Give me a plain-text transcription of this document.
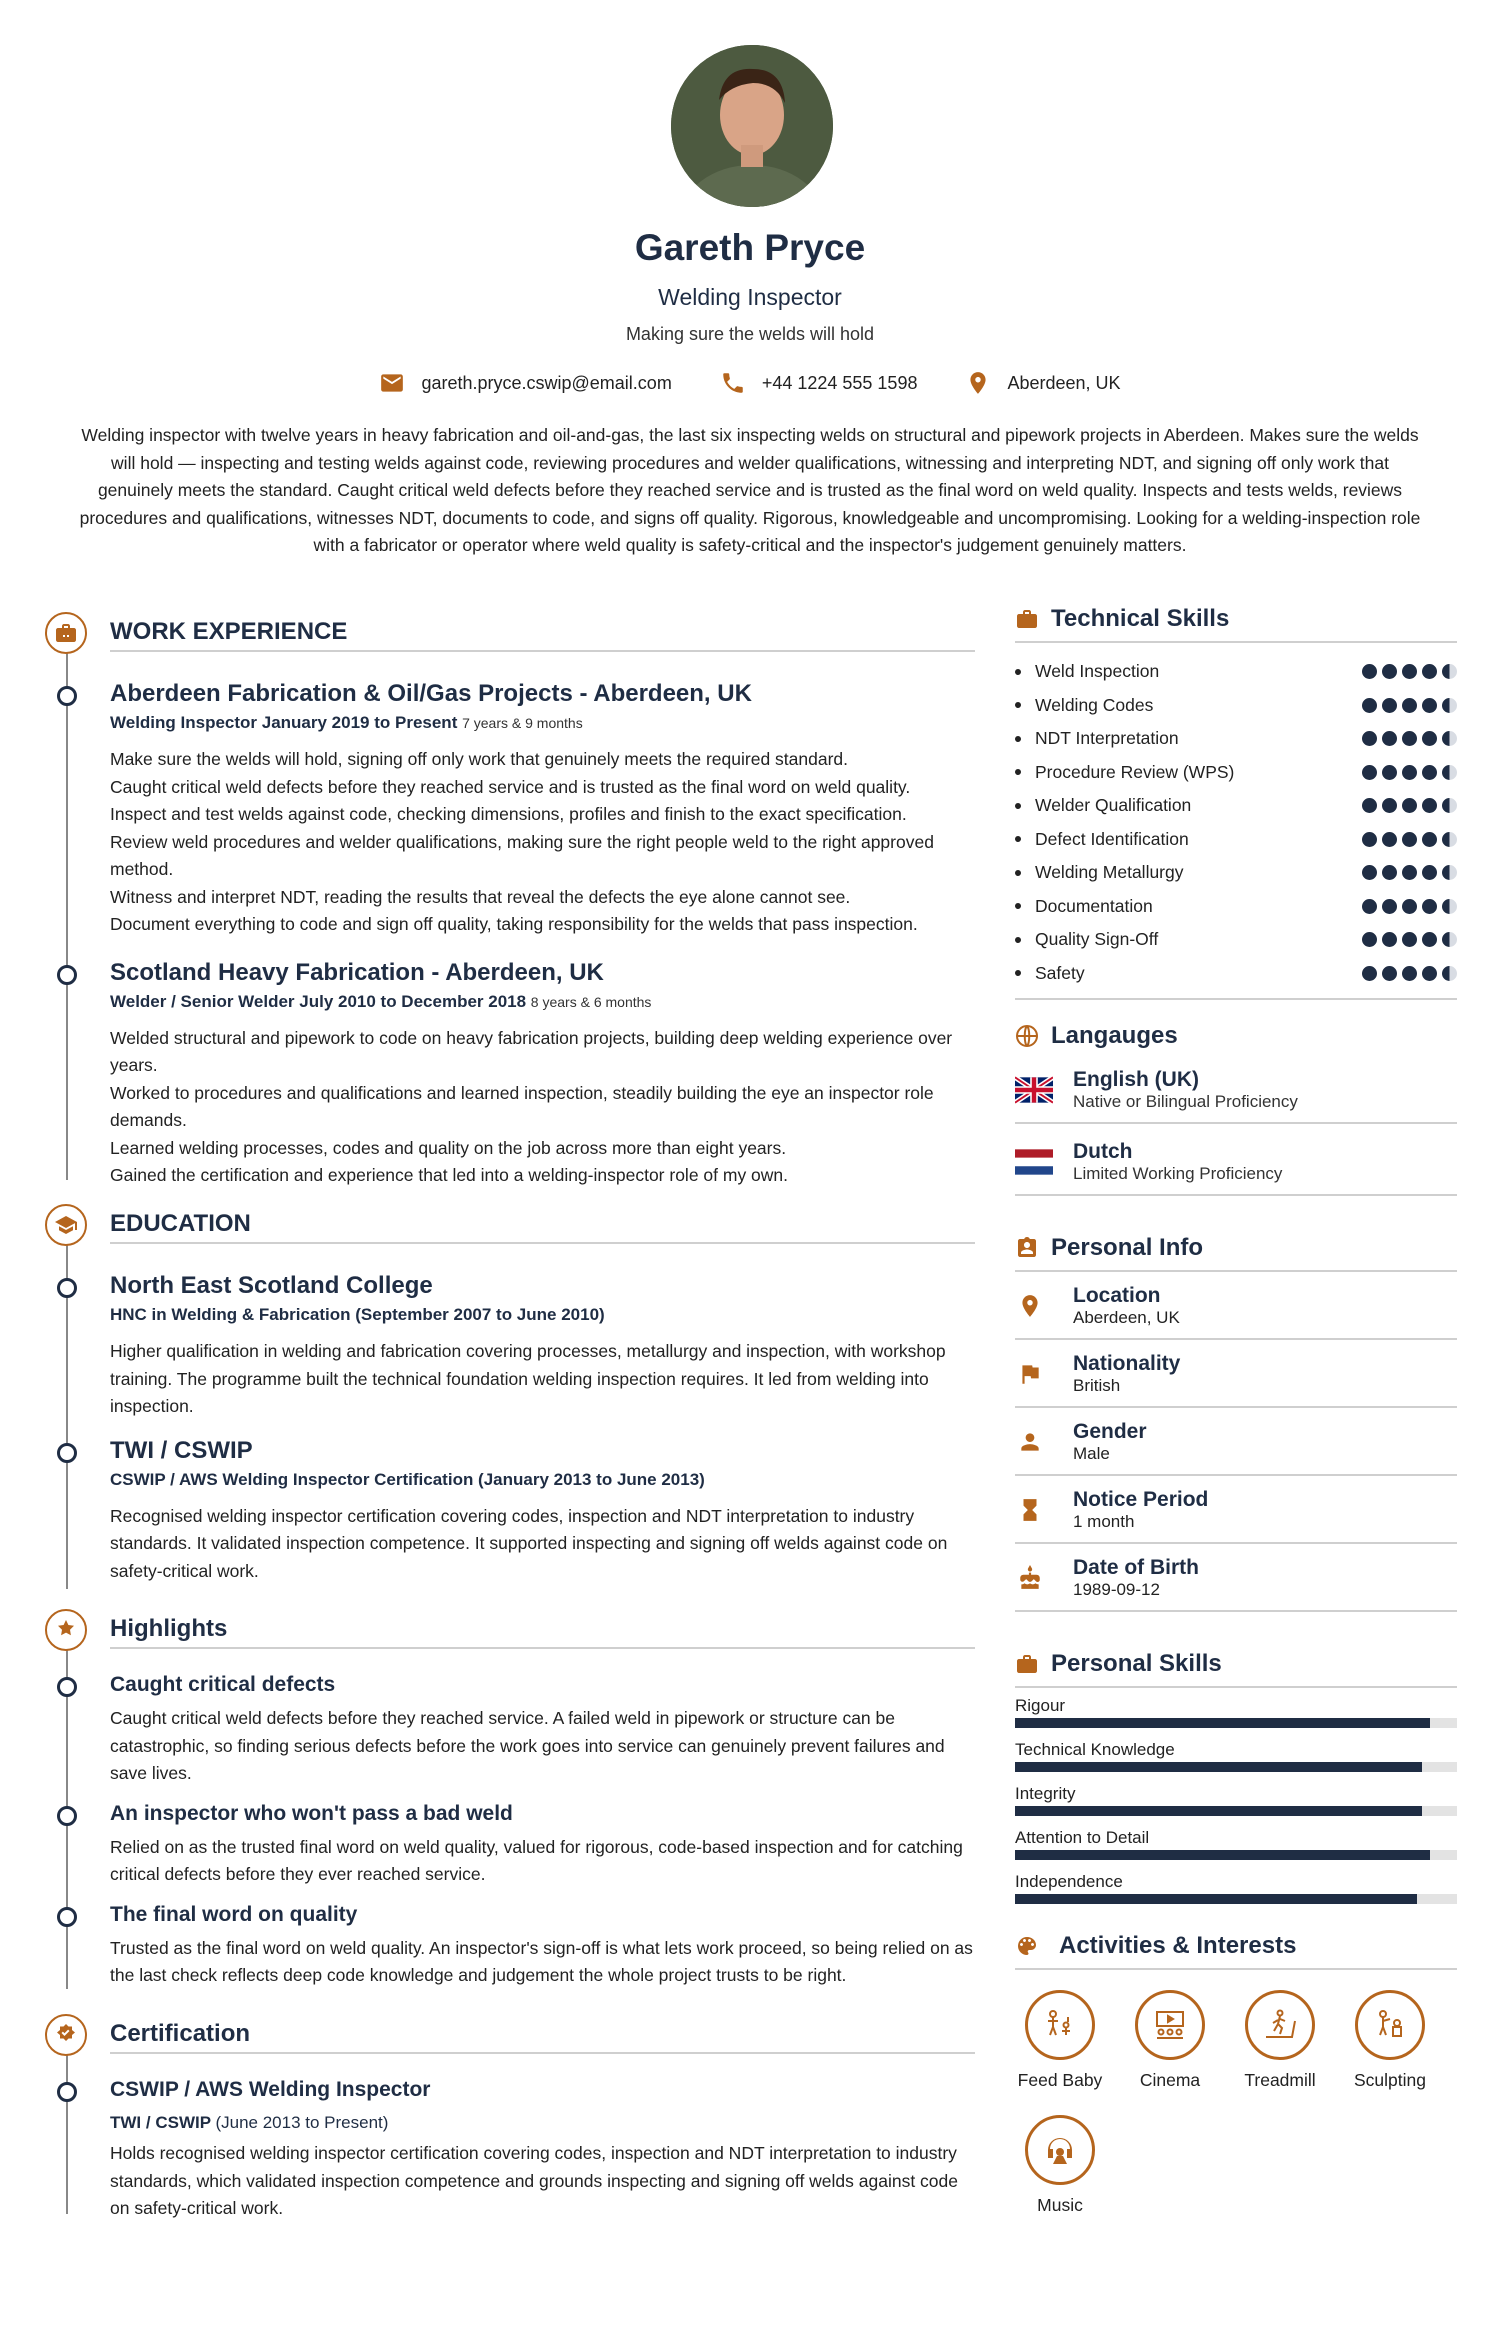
Gareth Pryce
Welding Inspector
Making sure the welds will hold
gareth.pryce.cswip@email.com	+44 1224 555 1598	Aberdeen, UK
Welding inspector with twelve years in heavy fabrication and oil-and-gas, the last six inspecting welds on structural and pipework projects in Aberdeen. Makes sure the welds will hold — inspecting and testing welds against code, reviewing procedures and welder qualifications, witnessing and interpreting NDT, and signing off only work that genuinely meets the standard. Caught critical weld defects before they reached service and is trusted as the final word on weld quality. Inspects and tests welds, reviews procedures and qualifications, witnesses NDT, documents to code, and signs off quality. Rigorous, knowledgeable and uncompromising. Looking for a welding-inspection role with a fabricator or operator where weld quality is safety-critical and the inspector's judgement genuinely matters.
WORK EXPERIENCE
Aberdeen Fabrication & Oil/Gas Projects - Aberdeen, UK
Welding Inspector January 2019 to Present 7 years & 9 months

Make sure the welds will hold, signing off only work that genuinely meets the required standard.

Caught critical weld defects before they reached service and is trusted as the final word on weld quality.

Inspect and test welds against code, checking dimensions, profiles and finish to the exact specification.

Review weld procedures and welder qualifications, making sure the right people weld to the right approved method.

Witness and interpret NDT, reading the results that reveal the defects the eye alone cannot see.

Document everything to code and sign off quality, taking responsibility for the welds that pass inspection.

Scotland Heavy Fabrication - Aberdeen, UK
Welder / Senior Welder July 2010 to December 2018 8 years & 6 months

Welded structural and pipework to code on heavy fabrication projects, building deep welding experience over years.

Worked to procedures and qualifications and learned inspection, steadily building the eye an inspector role demands.

Learned welding processes, codes and quality on the job across more than eight years.

Gained the certification and experience that led into a welding-inspector role of my own.

EDUCATION
North East Scotland College
HNC in Welding & Fabrication (September 2007 to June 2010)
Higher qualification in welding and fabrication covering processes, metallurgy and inspection, with workshop training. The programme built the technical foundation welding inspection requires. It led from welding into inspection.
TWI / CSWIP
CSWIP / AWS Welding Inspector Certification (January 2013 to June 2013)
Recognised welding inspector certification covering codes, inspection and NDT interpretation to industry standards. It validated inspection competence. It supported inspecting and signing off welds against code on safety-critical work.
Highlights
Caught critical defects
Caught critical weld defects before they reached service. A failed weld in pipework or structure can be catastrophic, so finding serious defects before the work goes into service can genuinely prevent failures and save lives.
An inspector who won't pass a bad weld
Relied on as the trusted final word on weld quality, valued for rigorous, code-based inspection and for catching critical defects before they ever reached service.
The final word on quality
Trusted as the final word on weld quality. An inspector's sign-off is what lets work proceed, so being relied on as the last check reflects deep code knowledge and judgement the whole project trusts to be right.
Certification
CSWIP / AWS Welding Inspector
TWI / CSWIP (June 2013 to Present)
Holds recognised welding inspector certification covering codes, inspection and NDT interpretation to industry standards, which validated inspection competence and grounds inspecting and signing off welds against code on safety-critical work.
Technical Skills
Weld Inspection
Welding Codes
NDT Interpretation
Procedure Review (WPS)
Welder Qualification
Defect Identification
Welding Metallurgy
Documentation
Quality Sign-Off
Safety
Langauges
English (UK)
Native or Bilingual Proficiency
Dutch
Limited Working Proficiency
Personal Info
Location
Aberdeen, UK
Nationality
British
Gender
Male
Notice Period
1 month
Date of Birth
1989-09-12
Personal Skills
Rigour
Technical Knowledge
Integrity
Attention to Detail
Independence
Activities & Interests
Feed Baby	Cinema	Treadmill	Sculpting
Music
